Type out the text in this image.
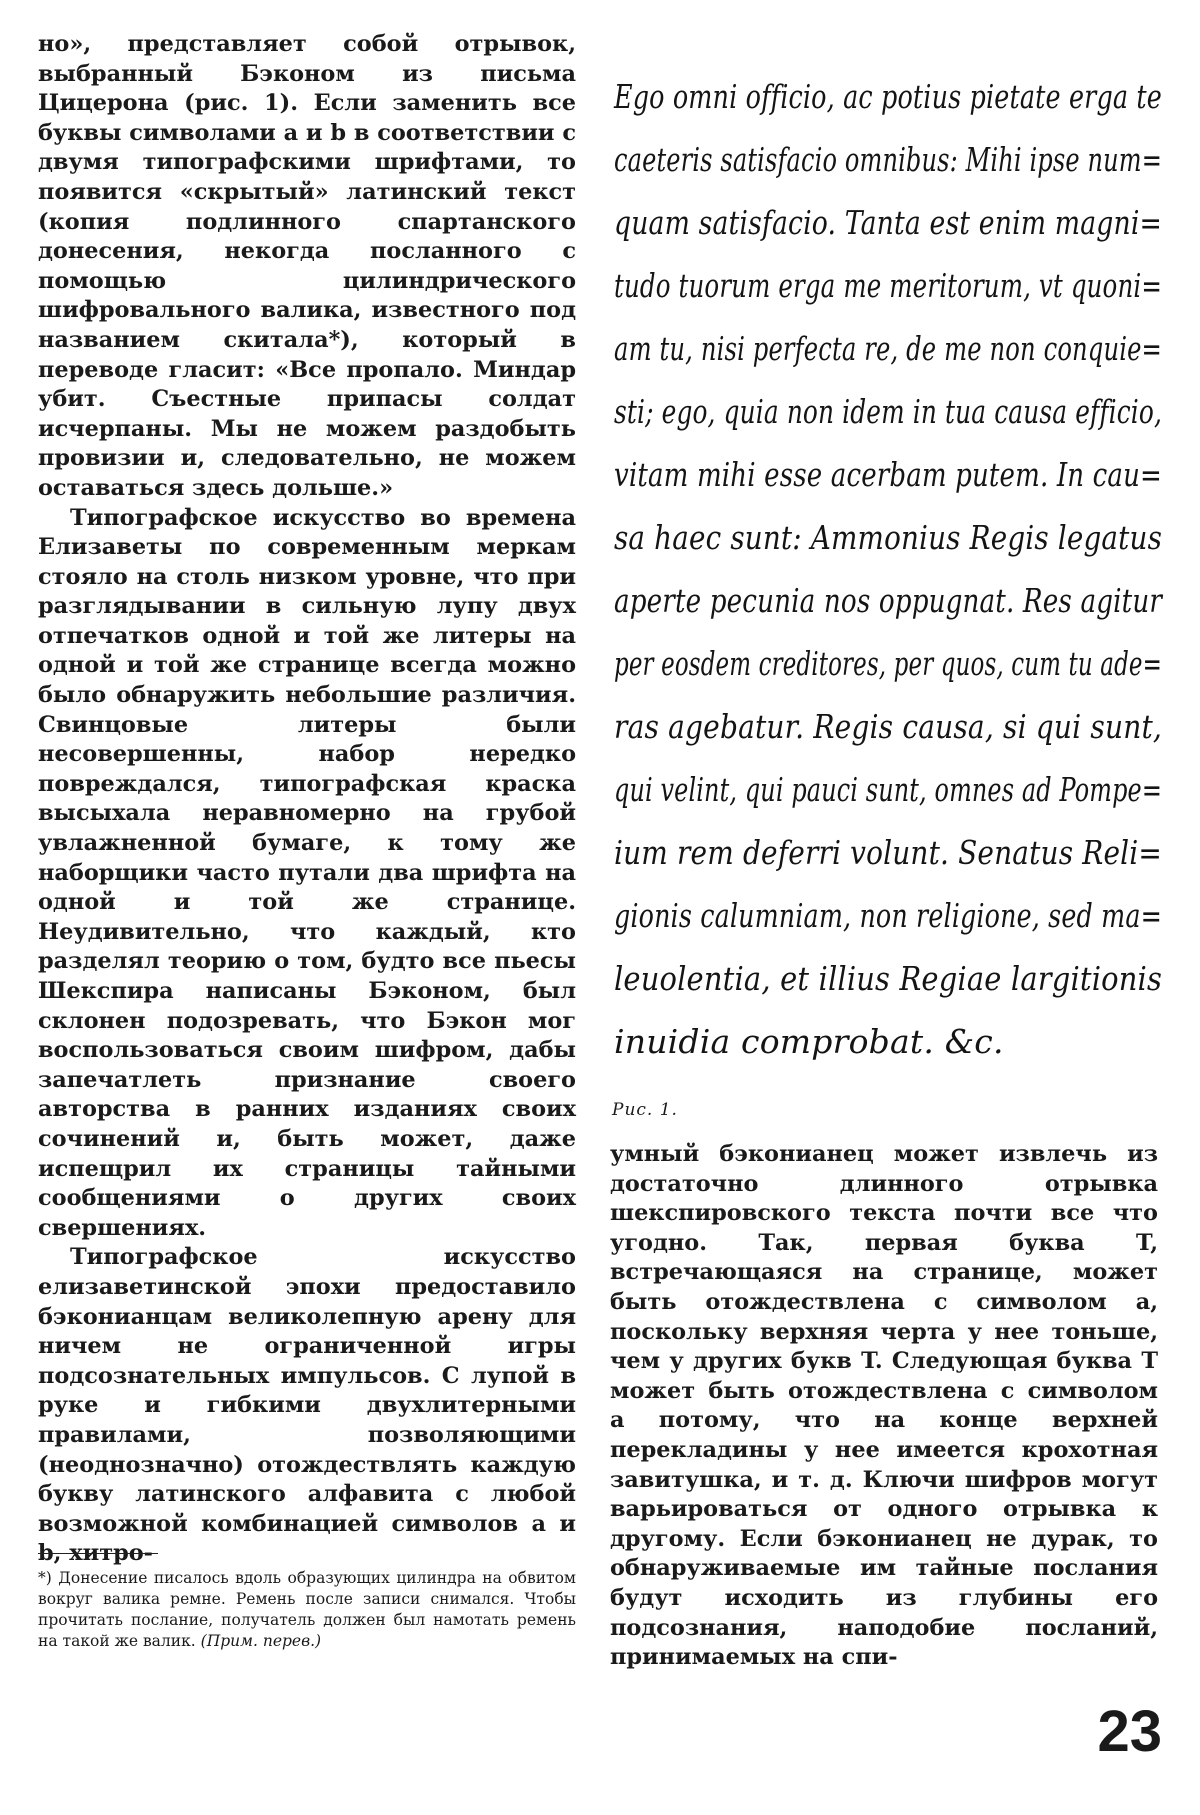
но», представляет собой отрывок, выбранный Бэконом из письма Цицерона (рис. 1). Если заменить все буквы символами a и b в соответствии с двумя типографскими шрифтами, то появится «скрытый» латинский текст (копия подлинного спартанского донесения, некогда посланного с помощью цилиндрического шифровального валика, известного под названием скитала*), который в переводе гласит: «Все пропало. Миндар убит. Съестные припасы солдат исчерпаны. Мы не можем раздобыть провизии и, следовательно, не можем оставаться здесь дольше.»

Типографское искусство во времена Елизаветы по современным меркам стояло на столь низком уровне, что при разглядывании в сильную лупу двух отпечатков одной и той же литеры на одной и той же странице всегда можно было обнаружить небольшие различия. Свинцовые литеры были несовершенны, набор нередко повреждался, типографская краска высыхала неравномерно на грубой увлажненной бумаге, к тому же наборщики часто путали два шрифта на одной и той же странице. Неудивительно, что каждый, кто разделял теорию о том, будто все пьесы Шекспира написаны Бэконом, был склонен подозревать, что Бэкон мог воспользоваться своим шифром, дабы запечатлеть признание своего авторства в ранних изданиях своих сочинений и, быть может, даже испещрил их страницы тайными сообщениями о других своих свершениях.

Типографское искусство елизаветинской эпохи предоставило бэконианцам великолепную арену для ничем не ограниченной игры подсознательных импульсов. С лупой в руке и гибкими двухлитерными правилами, позволяющими (неоднозначно) отождествлять каждую букву латинского алфавита с любой возможной комбинацией символов a и b, хитро-

*) Донесение писалось вдоль образующих цилиндра на обвитом вокруг валика ремне. Ремень после записи снимался. Чтобы прочитать послание, получатель должен был намотать ремень на такой же валик. (Прим. перев.)
Ego omni officio, ac potius pietate erga te
caeteris satisfacio omnibus: Mihi ipse num=
quam satisfacio. Tanta est enim magni=
tudo tuorum erga me meritorum, vt quoni=
am tu, nisi perfecta re, de me non conquie=
sti; ego, quia non idem in tua causa efficio,
vitam mihi esse acerbam putem. In cau=
sa haec sunt: Ammonius Regis legatus
aperte pecunia nos oppugnat. Res agitur
per eosdem creditores, per quos, cum tu ade=
ras agebatur. Regis causa, si qui sunt,
qui velint, qui pauci sunt, omnes ad Pompe=
ium rem deferri volunt. Senatus Reli=
gionis calumniam, non religione, sed ma=
leuolentia, et illius Regiae largitionis
inuidia comprobat. &c.
Рис. 1.

умный бэконианец может извлечь из достаточно длинного отрывка шекспировского текста почти все что угодно. Так, первая буква T, встречающаяся на странице, может быть отождествлена с символом a, поскольку верхняя черта у нее тоньше, чем у других букв T. Следующая буква T может быть отождествлена с символом a потому, что на конце верхней перекладины у нее имеется крохотная завитушка, и т. д. Ключи шифров могут варьироваться от одного отрывка к другому. Если бэконианец не дурак, то обнаруживаемые им тайные послания будут исходить из глубины его подсознания, наподобие посланий, принимаемых на спи-

23
